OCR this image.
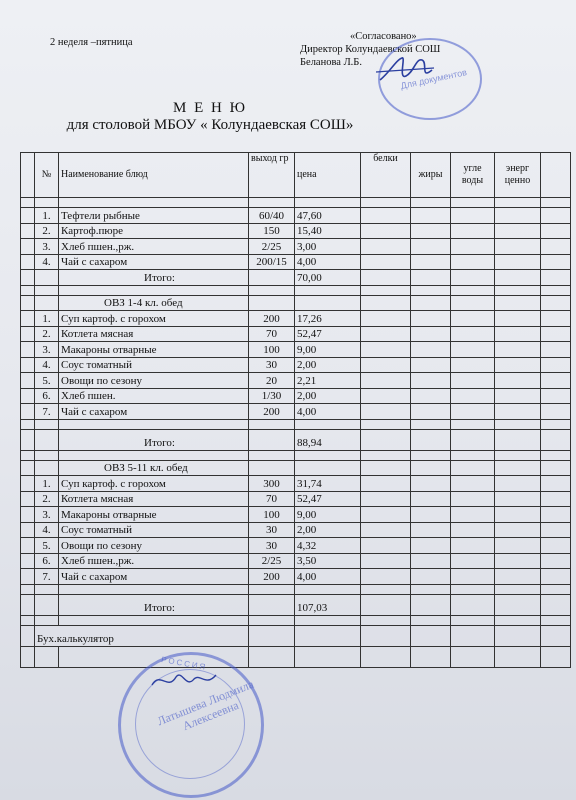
2 неделя –пятница
«Согласовано»
Директор Колундаевской СОШ
Беланова Л.Б.
Для документов
М Е Н Ю
для столовой МБОУ « Колундаевская СОШ»
	№	Наименование блюд	выход гр	цена	белки	жиры	угле воды	энерг ценно	

	1.	Тефтели рыбные	60/40	47,60					
	2.	Картоф.пюре	150	15,40					
	3.	Хлеб пшен.,рж.	2/25	3,00					
	4.	Чай с сахаром	200/15	4,00					
		Итого:		70,00					

		ОВЗ 1-4 кл. обед							
	1.	Суп картоф. с горохом	200	17,26					
	2.	Котлета мясная	70	52,47					
	3.	Макароны отварные	100	9,00					
	4.	Соус томатный	30	2,00					
	5.	Овощи по сезону	20	2,21					
	6.	Хлеб пшен.	1/30	2,00					
	7.	Чай с сахаром	200	4,00					

		Итого:		88,94					

		ОВЗ 5-11 кл. обед							
	1.	Суп картоф. с горохом	300	31,74					
	2.	Котлета мясная	70	52,47					
	3.	Макароны отварные	100	9,00					
	4.	Соус томатный	30	2,00					
	5.	Овощи по сезону	30	4,32					
	6.	Хлеб пшен.,рж.	2/25	3,50					
	7.	Чай с сахаром	200	4,00					

		Итого:		107,03					

	Бух.калькулятор								

РОССИЯ
Латышева Людмила Алексеевна
